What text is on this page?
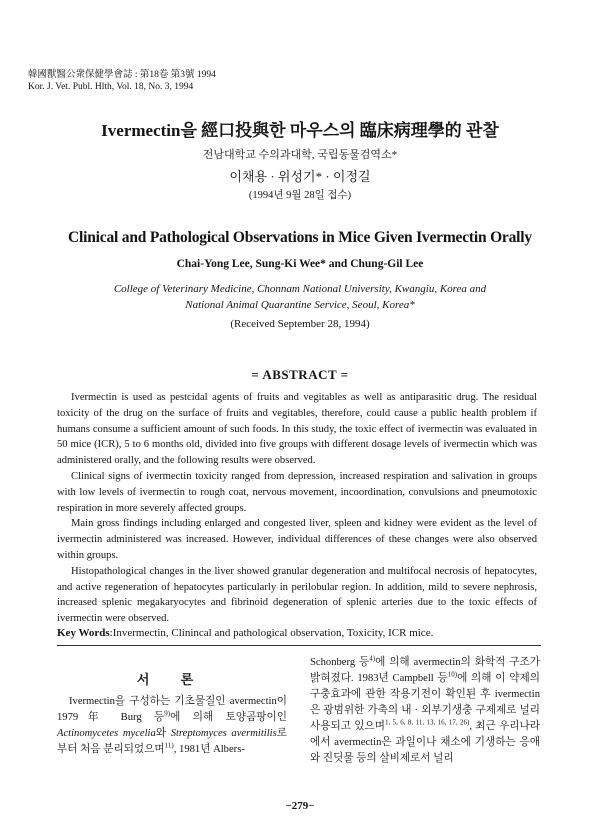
韓國獸醫公衆保健學會誌 : 第18卷 第3號 1994
Kor. J. Vet. Publ. Hlth, Vol. 18, No. 3, 1994
Ivermectin을 經口投與한 마우스의 臨床病理學的 관찰
전남대학교 수의과대학, 국립동물검역소*
이채용 · 위성기* · 이정길
(1994년 9월 28일 접수)
Clinical and Pathological Observations in Mice Given Ivermectin Orally
Chai-Yong Lee, Sung-Ki Wee* and Chung-Gil Lee
College of Veterinary Medicine, Chonnam National University, Kwangiu, Korea and
National Animal Quarantine Service, Seoul, Korea*
(Received September 28, 1994)
= ABSTRACT =

Ivermectin is used as pestcidal agents of fruits and vegitables as well as antiparasitic drug. The residual toxicity of the drug on the surface of fruits and vegitables, therefore, could cause a public health problem if humans consume a sufficient amount of such foods. In this study, the toxic effect of ivermectin was evaluated in 50 mice (ICR), 5 to 6 months old, divided into five groups with different dosage levels of ivermectin which was administered orally, and the following results were observed.

Clinical signs of ivermectin toxicity ranged from depression, increased respiration and salivation in groups with low levels of ivermectin to rough coat, nervous movement, incoordination, convulsions and pneumotoxic respiration in more severely affected groups.

Main gross findings including enlarged and congested liver, spleen and kidney were evident as the level of ivermectin administered was increased. However, individual differences of these changes were also observed within groups.

Histopathological changes in the liver showed granular degeneration and multifocal necrosis of hepatocytes, and active regeneration of hepatocytes particularly in perilobular region. In addition, mild to severe nephrosis, increased splenic megakaryocytes and fibrinoid degeneration of splenic arteries due to the toxic effects of ivermectin were observed.

Key Words:Invermectin, Clinincal and pathological observation, Toxicity, ICR mice.
서 론

Ivermectin을 구성하는 기초물질인 avermectin이 1979年 Burg 등$^{9)}$에 의해 토양곰팡이인 Actinomycetes mycelia와 Streptomyces avermitilis로 부터 처음 분리되었으며$^{11)}$, 1981년 Albers-

Schonberg 등$^{4)}$에 의해 avermectin의 화학적 구조가 밝혀졌다. 1983년 Campbell 등$^{10)}$에 의해 이 약제의 구충효과에 관한 작용기전이 확인된 후 ivermectin은 광범위한 가축의 내 · 외부기생충 구제제로 널리 사용되고 있으며$^{1, 5, 6, 8, 11, 13, 16, 17, 26)}$, 최근 우리나라에서 avermectin은 과일이나 채소에 기생하는 응애와 진딧물 등의 살비제로서 널리

−279−
